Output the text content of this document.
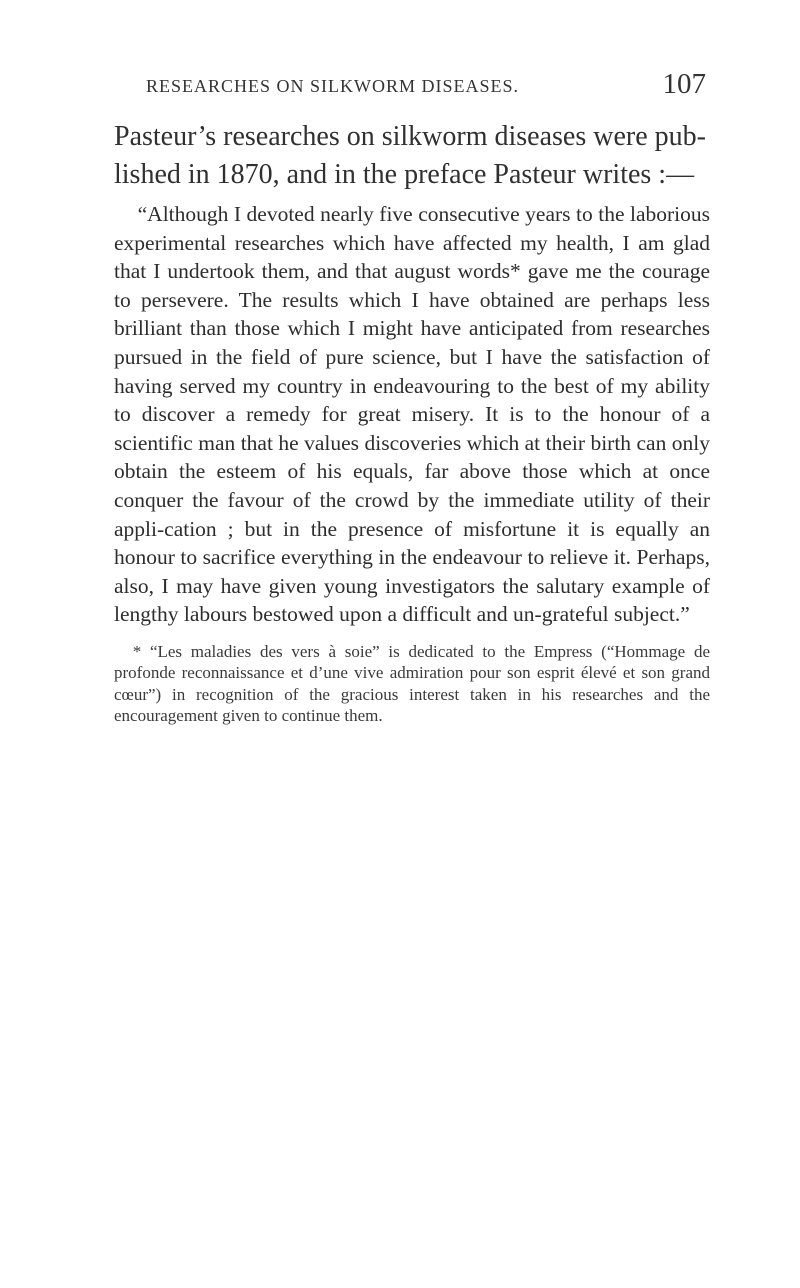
RESEARCHES ON SILKWORM DISEASES.	107

Pasteur’s researches on silkworm diseases were pub-lished in 1870, and in the preface Pasteur writes :—

“Although I devoted nearly five consecutive years to the laborious experimental researches which have affected my health, I am glad that I undertook them, and that august words* gave me the courage to persevere. The results which I have obtained are perhaps less brilliant than those which I might have anticipated from researches pursued in the field of pure science, but I have the satisfaction of having served my country in endeavouring to the best of my ability to discover a remedy for great misery. It is to the honour of a scientific man that he values discoveries which at their birth can only obtain the esteem of his equals, far above those which at once conquer the favour of the crowd by the immediate utility of their appli-cation ; but in the presence of misfortune it is equally an honour to sacrifice everything in the endeavour to relieve it. Perhaps, also, I may have given young investigators the salutary example of lengthy labours bestowed upon a difficult and un-grateful subject.”

* “Les maladies des vers à soie” is dedicated to the Empress (“Hommage de profonde reconnaissance et d’une vive admiration pour son esprit élevé et son grand cœur”) in recognition of the gracious interest taken in his researches and the encouragement given to continue them.
